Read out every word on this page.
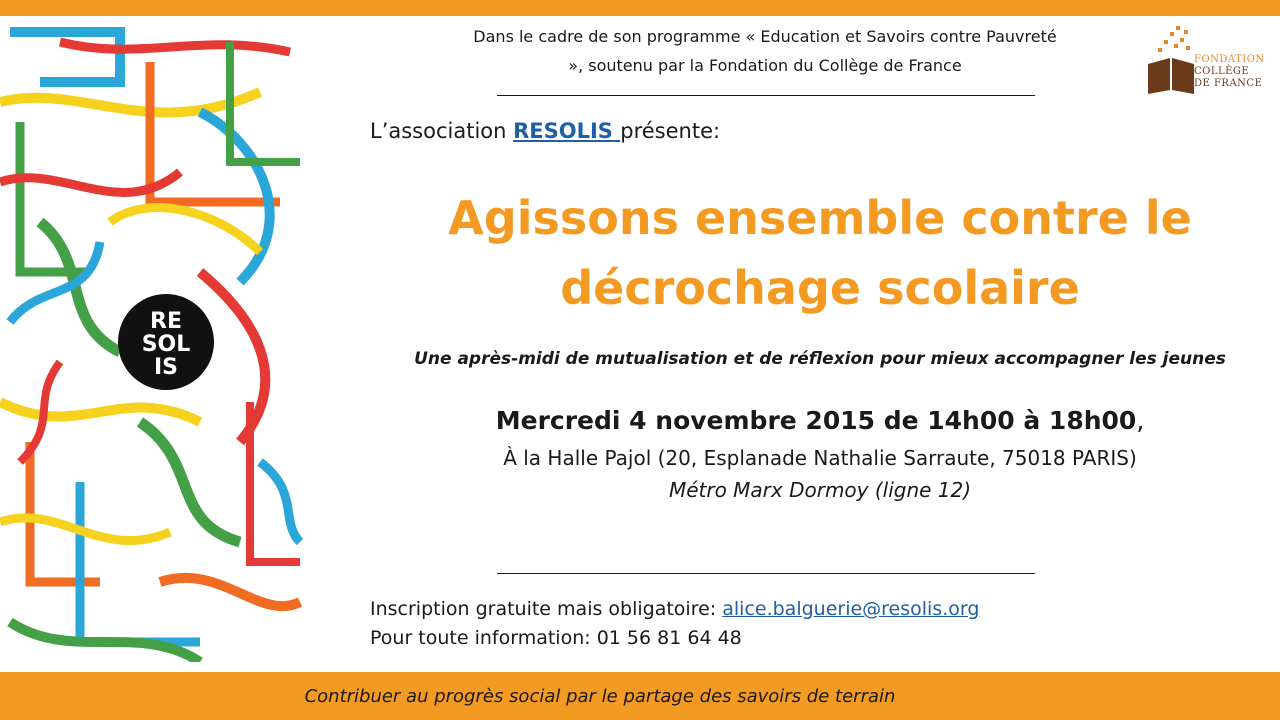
RE
SOL
IS
Dans le cadre de son programme « Education et Savoirs contre Pauvreté », soutenu par la Fondation du Collège de France	FONDATION
COLLÈGE
DE FRANCE
L’association RESOLIS présente:
Agissons ensemble contre le
décrochage scolaire
Une après-midi de mutualisation et de réflexion pour mieux accompagner les jeunes
Mercredi 4 novembre 2015 de 14h00 à 18h00,
À la Halle Pajol (20, Esplanade Nathalie Sarraute, 75018 PARIS)
Métro Marx Dormoy (ligne 12)
Inscription gratuite mais obligatoire: alice.balguerie@resolis.org
Pour toute information: 01 56 81 64 48
Contribuer au progrès social par le partage des savoirs de terrain
